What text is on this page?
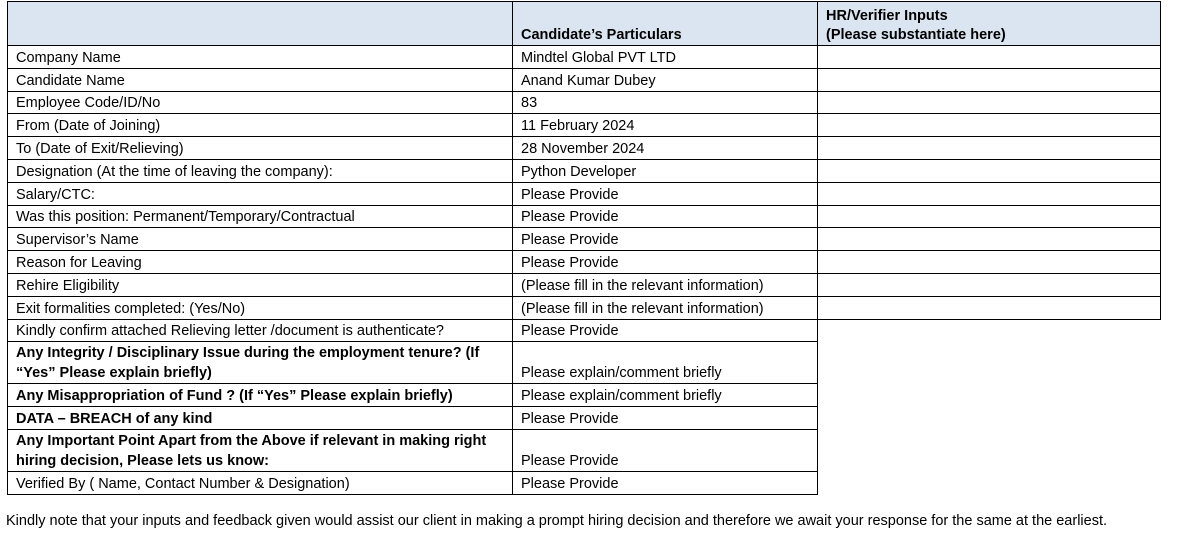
	Candidate’s Particulars	HR/Verifier Inputs
(Please substantiate here)

Company Name	Mindtel Global PVT LTD	
Candidate Name	Anand Kumar Dubey	
Employee Code/ID/No	83	
From (Date of Joining)	11 February 2024	
To (Date of Exit/Relieving)	28 November 2024	
Designation (At the time of leaving the company):	Python Developer	
Salary/CTC:	Please Provide	
Was this position: Permanent/Temporary/Contractual	Please Provide	
Supervisor’s Name	Please Provide	
Reason for Leaving	Please Provide	
Rehire Eligibility	(Please fill in the relevant information)	
Exit formalities completed: (Yes/No)	(Please fill in the relevant information)	
Kindly confirm attached Relieving letter /document is authenticate?	Please Provide	
Any Integrity / Disciplinary Issue during the employment tenure? (If “Yes” Please explain briefly)	Please explain/comment briefly	
Any Misappropriation of Fund ? (If “Yes” Please explain briefly)	Please explain/comment briefly	
DATA – BREACH of any kind	Please Provide	
Any Important Point Apart from the Above if relevant in making right hiring decision, Please lets us know:	Please Provide	
Verified By ( Name, Contact Number & Designation)	Please Provide	
Kindly note that your inputs and feedback given would assist our client in making a prompt hiring decision and therefore we await your response for the same at the earliest.
